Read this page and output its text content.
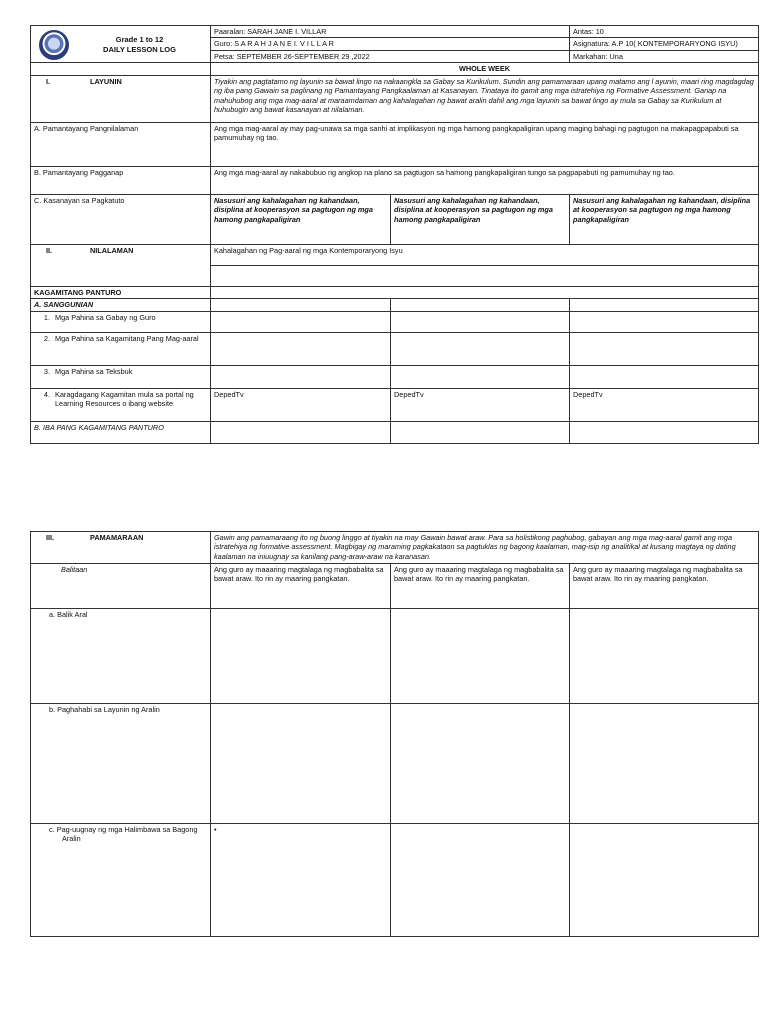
Grade 1 to 12
DAILY LESSON LOG	Paaralan: SARAH JANE I. VILLAR		Antas: 10
	Guro: S A R A H J A N E I. V I L L A R		Asignatura: A.P 10( KONTEMPORARYONG ISYU)
	Petsa: SEPTEMBER 26-SEPTEMBER 29 ,2022		Markahan: Una
	WHOLE WEEK		
I. LAYUNIN	Tiyakin ang pagtatamo ng layunin sa bawat lingo na nakaangkla sa Gabay sa Kurikulum. Sundin ang pamamaraan upang matamo ang l ayunin, maari ring magdagdag ng iba pang Gawain sa paglinang ng Pamantayang Pangkaalaman at Kasanayan. Tinataya ito gamit ang mga istratehiya ng Formative Assessment. Ganap na mahuhubog ang mga mag-aaral at maraamdaman ang kahalagahan ng bawat aralin dahil ang mga layunin sa bawat lingo ay mula sa Gabay sa Kurikulum at huhubugin ang bawat kasanayan at nilalaman.		
A. Pamantayang Pangnilalaman	Ang mga mag-aaral ay may pag-unawa sa mga sanhi at implikasyon ng mga hamong pangkapaligiran upang maging bahagi ng pagtugon na makapagpapabuti sa pamumuhay ng tao.		
B. Pamantayang Pagganap	Ang mga mag-aaral ay nakabubuo ng angkop na plano sa pagtugon sa hamong pangkapaligiran tungo sa pagpapabuti ng pamumuhay ng tao.		
C. Kasanayan sa Pagkatuto	Nasusuri ang kahalagahan ng kahandaan, disiplina at kooperasyon sa pagtugon ng mga hamong pangkapaligiran	Nasusuri ang kahalagahan ng kahandaan, disiplina at kooperasyon sa pagtugon ng mga hamong pangkapaligiran	Nasusuri ang kahalagahan ng kahandaan, disiplina at kooperasyon sa pagtugon ng mga hamong pangkapaligiran
II. NILALAMAN	Kahalagahan ng Pag-aaral ng mga Kontemporaryong Isyu		

KAGAMITANG PANTURO			
A. SANGGUNIAN			

1. Mga Pahina sa Gabay ng Guro			

2. Mga Pahina sa Kagamitang Pang Mag-aaral			

3. Mga Pahina sa Teksbuk			

4. Karagdagang Kagamitan mula sa portal ng Learning Resources o ibang website	DepedTv	DepedTv	DepedTv
B. IBA PANG KAGAMITANG PANTURO			
III. PAMAMARAAN	Gawin ang pamamaraang ito ng buong linggo at tiyakin na may Gawain bawat araw. Para sa holistikong paghubog, gabayan ang mga mag-aaral gamit ang mga istratehiya ng formative assessment. Magbigay ng maraming pagkakataon sa pagtuklas ng bagong kaalaman, mag-isip ng analitikal at kusang magtaya ng dating kaalaman na iniuugnay sa kanilang pang-araw-araw na karanasan.		
Balitaan	Ang guro ay maaaring magtalaga ng magbabalita sa bawat araw. Ito rin ay maaring pangkatan.	Ang guro ay maaaring magtalaga ng magbabalita sa bawat araw. Ito rin ay maaring pangkatan.	Ang guro ay maaaring magtalaga ng magbabalita sa bawat araw. Ito rin ay maaring pangkatan.
a. Balik Aral			
b. Paghahabi sa Layunin ng Aralin			

c. Pag-uugnay ng mga Halimbawa sa Bagong Aralin	•		
